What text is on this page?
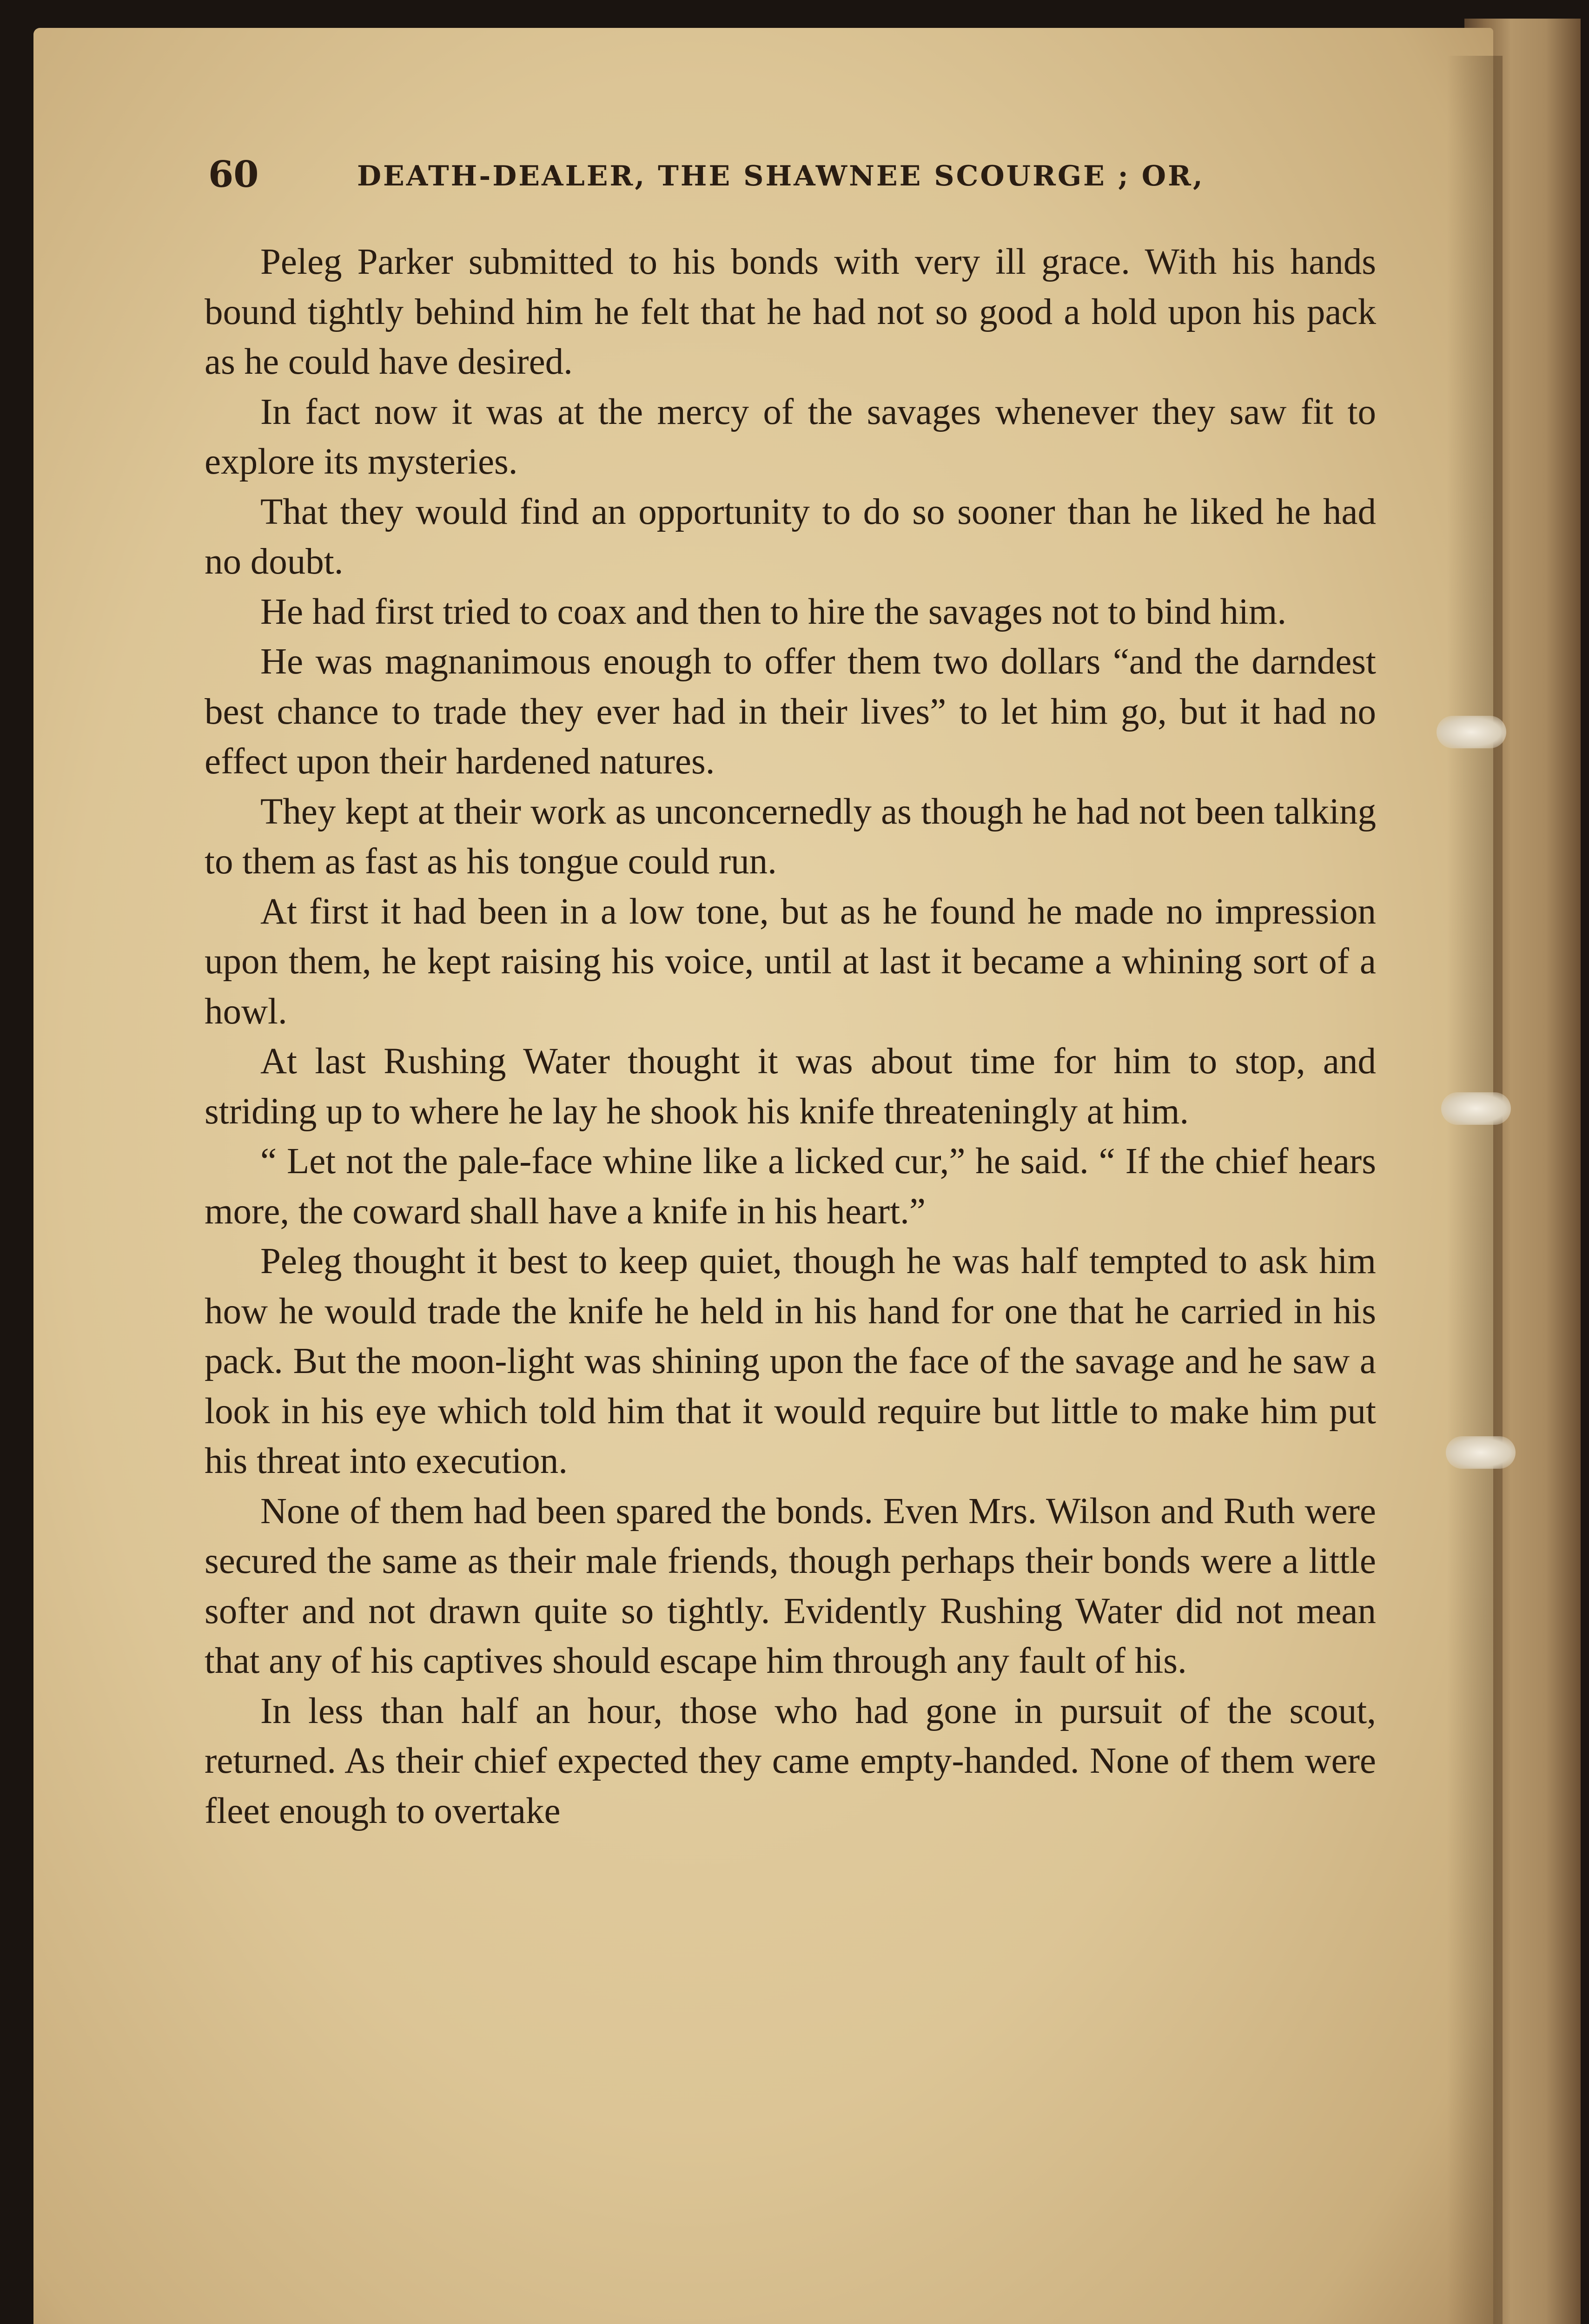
60	DEATH-DEALER, THE SHAWNEE SCOURGE ; OR,

Peleg Parker submitted to his bonds with very ill grace. With his hands bound tightly behind him he felt that he had not so good a hold upon his pack as he could have desired.

In fact now it was at the mercy of the savages whenever they saw fit to explore its mysteries.

That they would find an opportunity to do so sooner than he liked he had no doubt.

He had first tried to coax and then to hire the savages not to bind him.

He was magnanimous enough to offer them two dollars “and the darndest best chance to trade they ever had in their lives” to let him go, but it had no effect upon their hardened natures.

They kept at their work as unconcernedly as though he had not been talking to them as fast as his tongue could run.

At first it had been in a low tone, but as he found he made no impression upon them, he kept raising his voice, until at last it became a whining sort of a howl.

At last Rushing Water thought it was about time for him to stop, and striding up to where he lay he shook his knife threateningly at him.

“ Let not the pale-face whine like a licked cur,” he said. “ If the chief hears more, the coward shall have a knife in his heart.”

Peleg thought it best to keep quiet, though he was half tempted to ask him how he would trade the knife he held in his hand for one that he carried in his pack. But the moon-light was shining upon the face of the savage and he saw a look in his eye which told him that it would require but little to make him put his threat into execution.

None of them had been spared the bonds. Even Mrs. Wilson and Ruth were secured the same as their male friends, though perhaps their bonds were a little softer and not drawn quite so tightly. Evidently Rushing Water did not mean that any of his captives should escape him through any fault of his.

In less than half an hour, those who had gone in pursuit of the scout, returned. As their chief expected they came empty-handed. None of them were fleet enough to overtake
